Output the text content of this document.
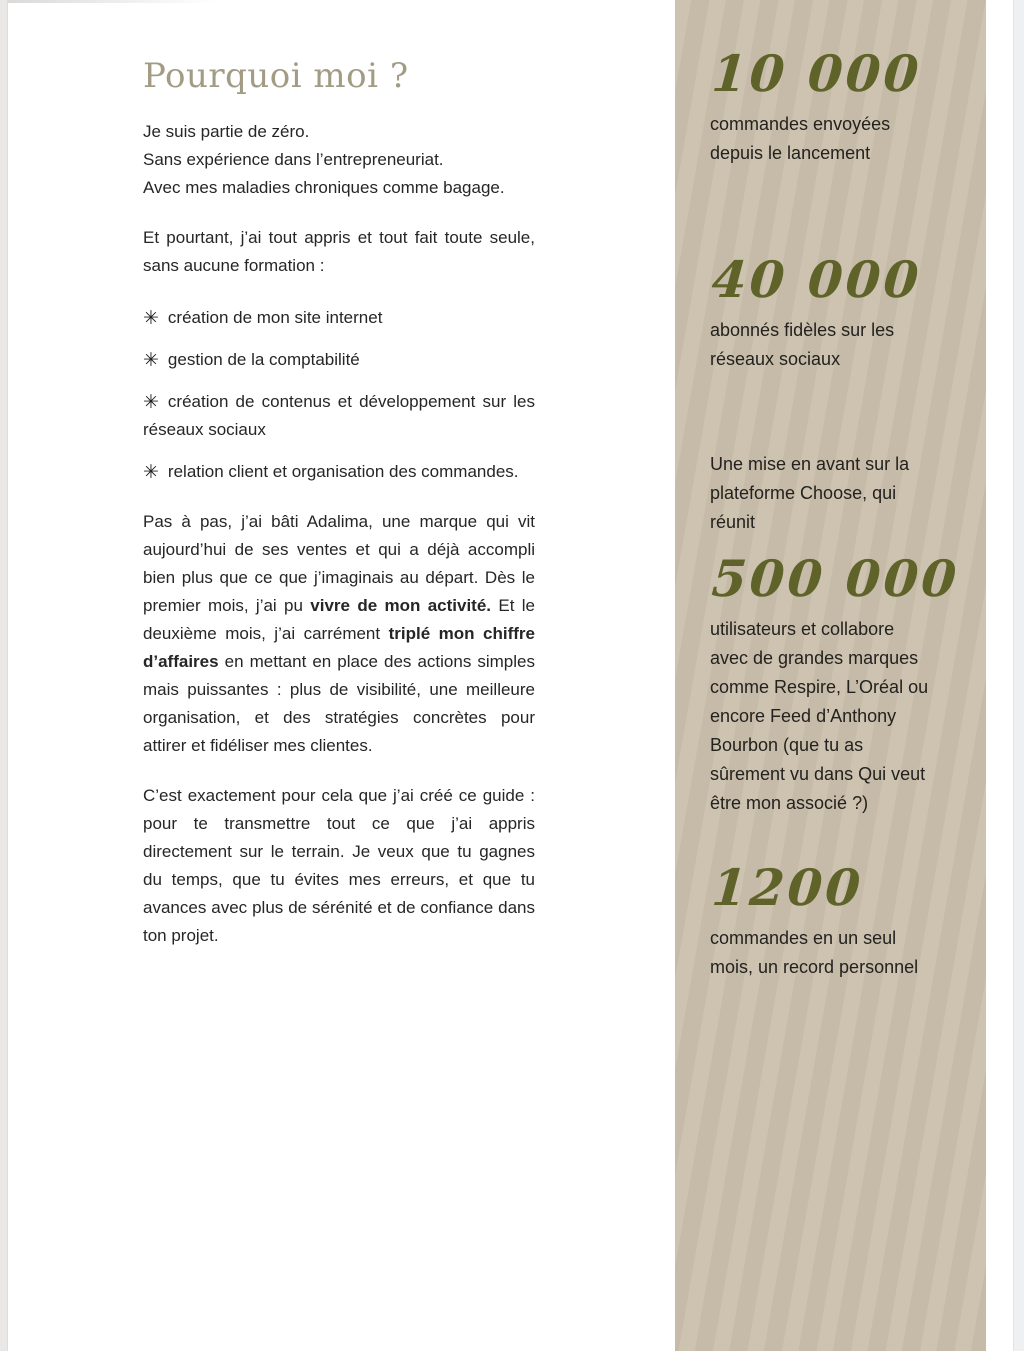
Pourquoi moi ?
Je suis partie de zéro.
Sans expérience dans l’entrepreneuriat.
Avec mes maladies chroniques comme bagage.

Et pourtant, j’ai tout appris et tout fait toute seule, sans aucune formation :

✳ création de mon site internet
✳ gestion de la comptabilité
✳ création de contenus et développement sur les réseaux sociaux
✳ relation client et organisation des commandes.

Pas à pas, j’ai bâti Adalima, une marque qui vit aujourd’hui de ses ventes et qui a déjà accompli bien plus que ce que j’imaginais au départ. Dès le premier mois, j’ai pu vivre de mon activité. Et le deuxième mois, j’ai carrément triplé mon chiffre d’affaires en mettant en place des actions simples mais puissantes : plus de visibilité, une meilleure organisation, et des stratégies concrètes pour attirer et fidéliser mes clientes.

C’est exactement pour cela que j’ai créé ce guide : pour te transmettre tout ce que j’ai appris directement sur le terrain. Je veux que tu gagnes du temps, que tu évites mes erreurs, et que tu avances avec plus de sérénité et de confiance dans ton projet.

10 000
commandes envoyées depuis le lancement
40 000
abonnés fidèles sur les réseaux sociaux
Une mise en avant sur la plateforme Choose, qui réunit
500 000
utilisateurs et collabore avec de grandes marques comme Respire, L’Oréal ou encore Feed d’Anthony Bourbon (que tu as sûrement vu dans Qui veut être mon associé ?)
1200
commandes en un seul mois, un record personnel
